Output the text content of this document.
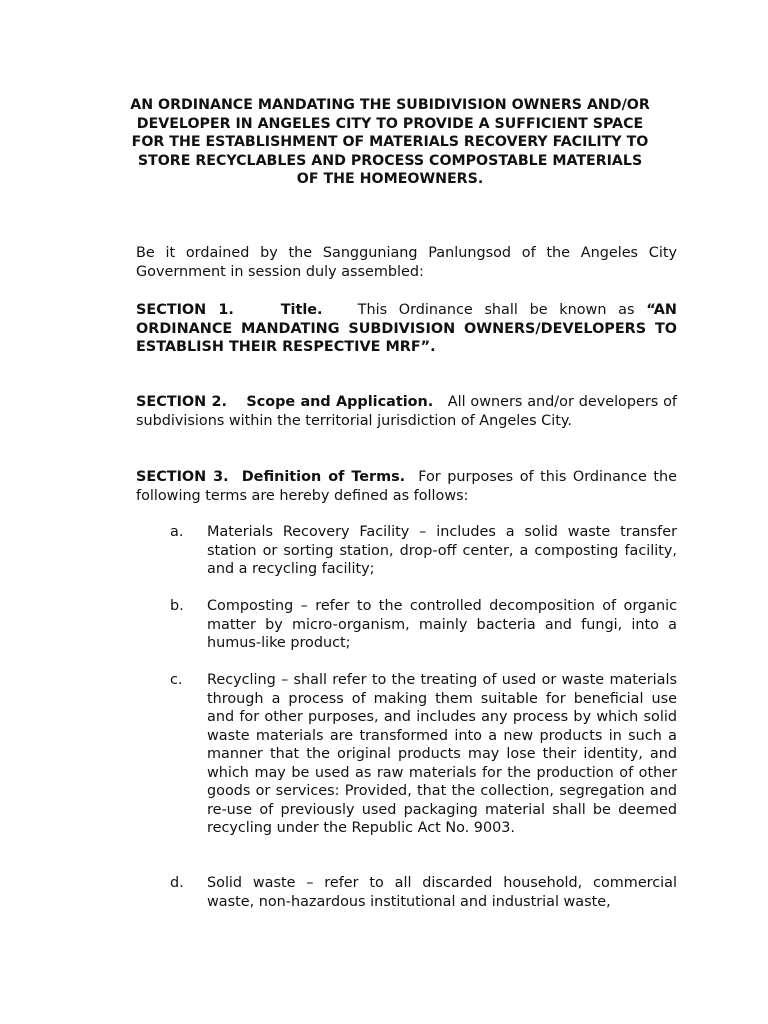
AN ORDINANCE MANDATING THE SUBIDIVISION OWNERS AND/OR DEVELOPER IN ANGELES CITY TO PROVIDE A SUFFICIENT SPACE FOR THE ESTABLISHMENT OF MATERIALS RECOVERY FACILITY TO STORE RECYCLABLES AND PROCESS COMPOSTABLE MATERIALS OF THE HOMEOWNERS.

Be it ordained by the Sangguniang Panlungsod of the Angeles City Government in session duly assembled:

SECTION 1.	Title. This Ordinance shall be known as “AN ORDINANCE MANDATING SUBDIVISION OWNERS/DEVELOPERS TO ESTABLISH THEIR RESPECTIVE MRF”.

SECTION 2. Scope and Application. All owners and/or developers of subdivisions within the territorial jurisdiction of Angeles City.

SECTION 3. Definition of Terms. For purposes of this Ordinance the following terms are hereby defined as follows:

a.	Materials Recovery Facility – includes a solid waste transfer station or sorting station, drop-off center, a composting facility, and a recycling facility;
b.	Composting – refer to the controlled decomposition of organic matter by micro-organism, mainly bacteria and fungi, into a humus-like product;
c.	Recycling – shall refer to the treating of used or waste materials through a process of making them suitable for beneficial use and for other purposes, and includes any process by which solid waste materials are transformed into a new products in such a manner that the original products may lose their identity, and which may be used as raw materials for the production of other goods or services: Provided, that the collection, segregation and re-use of previously used packaging material shall be deemed recycling under the Republic Act No. 9003.
d.	Solid waste – refer to all discarded household, commercial waste, non-hazardous institutional and industrial waste,
